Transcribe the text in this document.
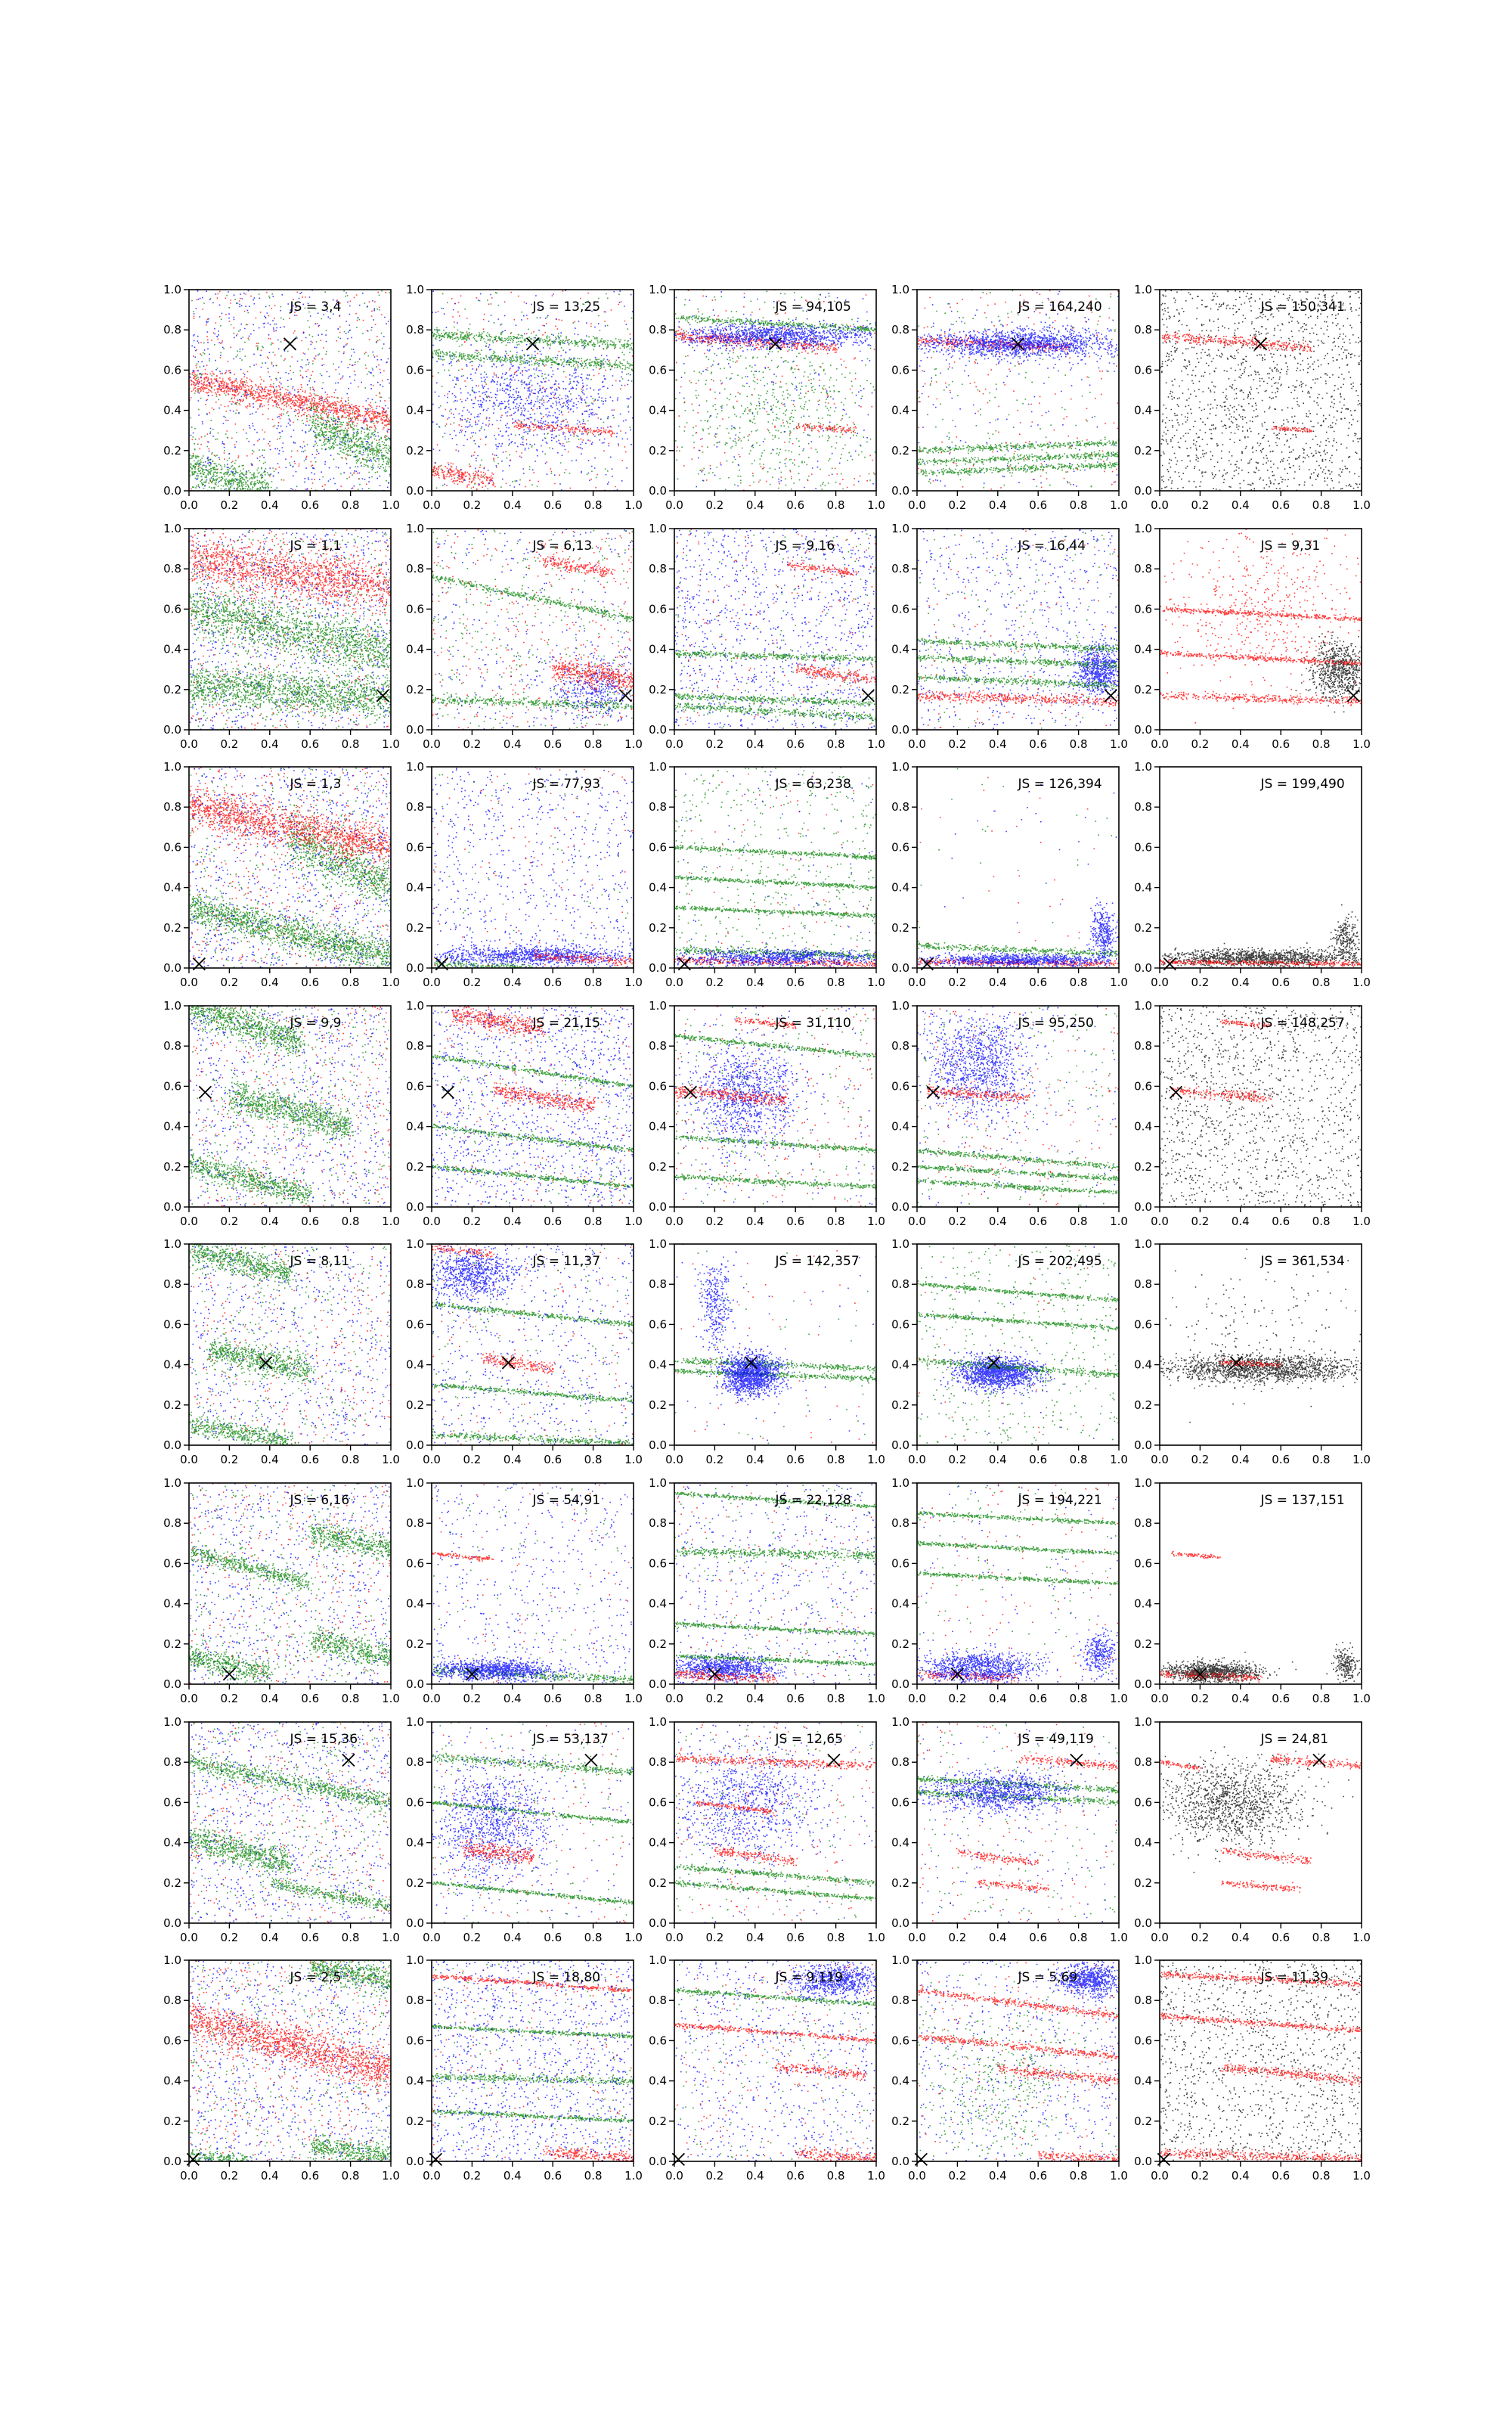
0.0 0.2 0.4 0.6 0.8 1.0
0.0
0.2
0.4
0.6
0.8
1.0
JS = 3,4
0.0 0.2 0.4 0.6 0.8 1.0
0.0
0.2
0.4
0.6
0.8
1.0
JS = 13,25
0.0 0.2 0.4 0.6 0.8 1.0
0.0
0.2
0.4
0.6
0.8
1.0
JS = 94,105
0.0 0.2 0.4 0.6 0.8 1.0
0.0
0.2
0.4
0.6
0.8
1.0
JS = 164,240
0.0 0.2 0.4 0.6 0.8 1.0
0.0
0.2
0.4
0.6
0.8
1.0
JS = 150,341
0.0 0.2 0.4 0.6 0.8 1.0
0.0
0.2
0.4
0.6
0.8
1.0
JS = 1,1
0.0 0.2 0.4 0.6 0.8 1.0
0.0
0.2
0.4
0.6
0.8
1.0
JS = 6,13
0.0 0.2 0.4 0.6 0.8 1.0
0.0
0.2
0.4
0.6
0.8
1.0
JS = 9,16
0.0 0.2 0.4 0.6 0.8 1.0
0.0
0.2
0.4
0.6
0.8
1.0
JS = 16,44
0.0 0.2 0.4 0.6 0.8 1.0
0.0
0.2
0.4
0.6
0.8
1.0
JS = 9,31
0.0 0.2 0.4 0.6 0.8 1.0
0.0
0.2
0.4
0.6
0.8
1.0
JS = 1,3
0.0 0.2 0.4 0.6 0.8 1.0
0.0
0.2
0.4
0.6
0.8
1.0
JS = 77,93
0.0 0.2 0.4 0.6 0.8 1.0
0.0
0.2
0.4
0.6
0.8
1.0
JS = 63,238
0.0 0.2 0.4 0.6 0.8 1.0
0.0
0.2
0.4
0.6
0.8
1.0
JS = 126,394
0.0 0.2 0.4 0.6 0.8 1.0
0.0
0.2
0.4
0.6
0.8
1.0
JS = 199,490
0.0 0.2 0.4 0.6 0.8 1.0
0.0
0.2
0.4
0.6
0.8
1.0
JS = 9,9
0.0 0.2 0.4 0.6 0.8 1.0
0.0
0.2
0.4
0.6
0.8
1.0
JS = 21,15
0.0 0.2 0.4 0.6 0.8 1.0
0.0
0.2
0.4
0.6
0.8
1.0
JS = 31,110
0.0 0.2 0.4 0.6 0.8 1.0
0.0
0.2
0.4
0.6
0.8
1.0
JS = 95,250
0.0 0.2 0.4 0.6 0.8 1.0
0.0
0.2
0.4
0.6
0.8
1.0
JS = 148,257
0.0 0.2 0.4 0.6 0.8 1.0
0.0
0.2
0.4
0.6
0.8
1.0
JS = 8,11
0.0 0.2 0.4 0.6 0.8 1.0
0.0
0.2
0.4
0.6
0.8
1.0
JS = 11,37
0.0 0.2 0.4 0.6 0.8 1.0
0.0
0.2
0.4
0.6
0.8
1.0
JS = 142,357
0.0 0.2 0.4 0.6 0.8 1.0
0.0
0.2
0.4
0.6
0.8
1.0
JS = 202,495
0.0 0.2 0.4 0.6 0.8 1.0
0.0
0.2
0.4
0.6
0.8
1.0
JS = 361,534
0.0 0.2 0.4 0.6 0.8 1.0
0.0
0.2
0.4
0.6
0.8
1.0
JS = 6,16
0.0 0.2 0.4 0.6 0.8 1.0
0.0
0.2
0.4
0.6
0.8
1.0
JS = 54,91
0.0 0.2 0.4 0.6 0.8 1.0
0.0
0.2
0.4
0.6
0.8
1.0
JS = 22,128
0.0 0.2 0.4 0.6 0.8 1.0
0.0
0.2
0.4
0.6
0.8
1.0
JS = 194,221
0.0 0.2 0.4 0.6 0.8 1.0
0.0
0.2
0.4
0.6
0.8
1.0
JS = 137,151
0.0 0.2 0.4 0.6 0.8 1.0
0.0
0.2
0.4
0.6
0.8
1.0
JS = 15,36
0.0 0.2 0.4 0.6 0.8 1.0
0.0
0.2
0.4
0.6
0.8
1.0
JS = 53,137
0.0 0.2 0.4 0.6 0.8 1.0
0.0
0.2
0.4
0.6
0.8
1.0
JS = 12,65
0.0 0.2 0.4 0.6 0.8 1.0
0.0
0.2
0.4
0.6
0.8
1.0
JS = 49,119
0.0 0.2 0.4 0.6 0.8 1.0
0.0
0.2
0.4
0.6
0.8
1.0
JS = 24,81
0.0 0.2 0.4 0.6 0.8 1.0
0.0
0.2
0.4
0.6
0.8
1.0
JS = 2,5
0.0 0.2 0.4 0.6 0.8 1.0
0.0
0.2
0.4
0.6
0.8
1.0
JS = 18,80
0.0 0.2 0.4 0.6 0.8 1.0
0.0
0.2
0.4
0.6
0.8
1.0
JS = 9,119
0.0 0.2 0.4 0.6 0.8 1.0
0.0
0.2
0.4
0.6
0.8
1.0
JS = 5,69
0.0 0.2 0.4 0.6 0.8 1.0
0.0
0.2
0.4
0.6
0.8
1.0
JS = 11,39
